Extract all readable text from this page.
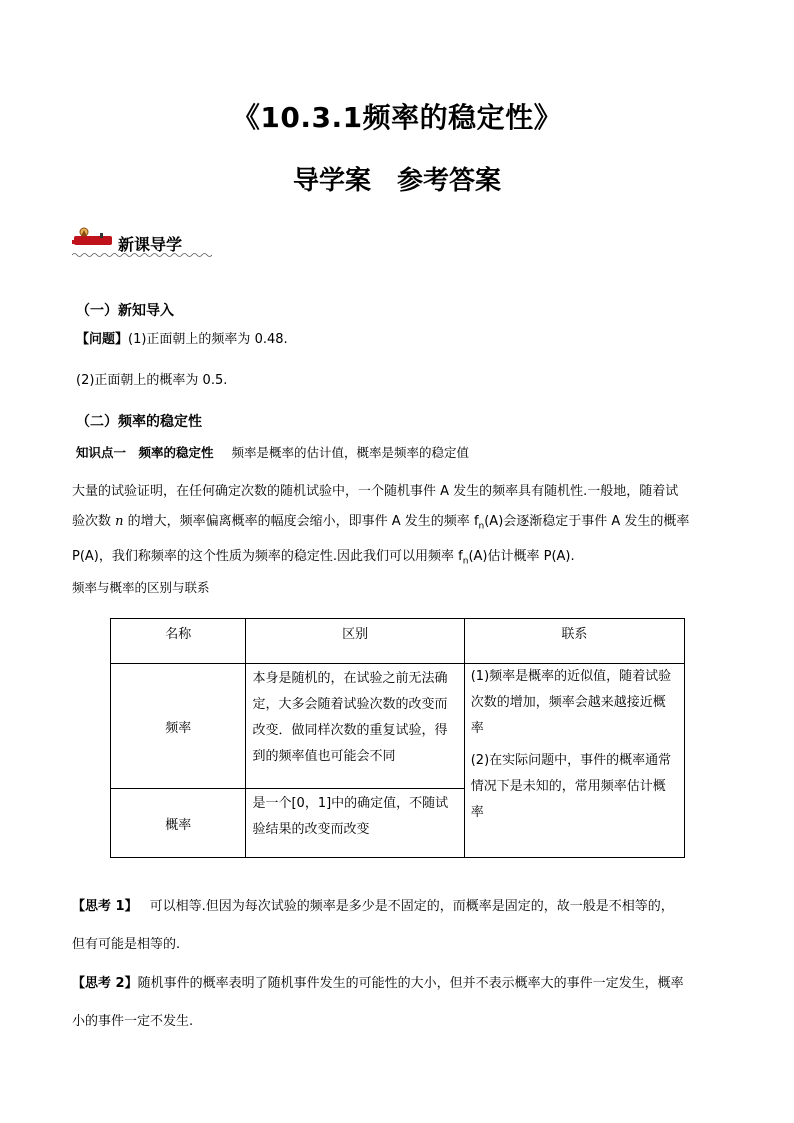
《10.3.1频率的稳定性》
导学案　参考答案
新课导学
（一）新知导入
【问题】(1)正面朝上的频率为 0.48.
(2)正面朝上的概率为 0.5.
（二）频率的稳定性
知识点一　频率的稳定性 频率是概率的估计值，概率是频率的稳定值
大量的试验证明，在任何确定次数的随机试验中，一个随机事件 A 发生的频率具有随机性.一般地，随着试
验次数 n 的增大，频率偏离概率的幅度会缩小，即事件 A 发生的频率 $f_n(A)$会逐渐稳定于事件 A 发生的概率
P(A)，我们称频率的这个性质为频率的稳定性.因此我们可以用频率 $f_n(A)$估计概率 P(A).
频率与概率的区别与联系
名称	区别	联系
频率	本身是随机的，在试验之前无法确定，大多会随着试验次数的改变而改变．做同样次数的重复试验，得到的频率值也可能会不同	(1)频率是概率的近似值，随着试验次数的增加，频率会越来越接近概率
(2)在实际问题中，事件的概率通常情况下是未知的，常用频率估计概率

概率	是一个[0，1]中的确定值，不随试验结果的改变而改变	
【思考 1】 可以相等.但因为每次试验的频率是多少是不固定的，而概率是固定的，故一般是不相等的，
但有可能是相等的.
【思考 2】随机事件的概率表明了随机事件发生的可能性的大小，但并不表示概率大的事件一定发生，概率
小的事件一定不发生.
